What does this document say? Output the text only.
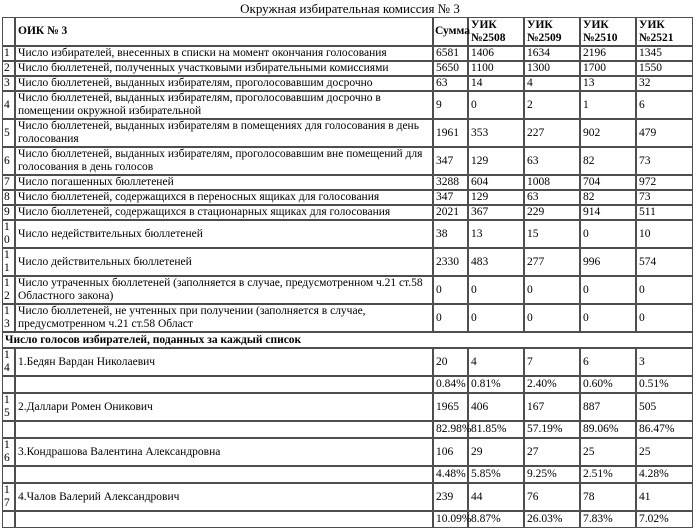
Окружная избирательная комиссия № 3
	ОИК № 3	Сумма	УИК №2508	УИК №2509	УИК №2510	УИК №2521
1	Число избирателей, внесенных в списки на момент окончания голосования	6581	1406	1634	2196	1345
2	Число бюллетеней, полученных участковыми избирательными комиссиями	5650	1100	1300	1700	1550
3	Число бюллетеней, выданных избирателям, проголосовавшим досрочно	63	14	4	13	32
4	Число бюллетеней, выданных избирателям, проголосовавшим досрочно в помещении окружной избирательной	9	0	2	1	6
5	Число бюллетеней, выданных избирателям в помещениях для голосования в день голосования	1961	353	227	902	479
6	Число бюллетеней, выданных избирателям, проголосовавшим вне помещений для голосования в день голосов	347	129	63	82	73
7	Число погашенных бюллетеней	3288	604	1008	704	972
8	Число бюллетеней, содержащихся в переносных ящиках для голосования	347	129	63	82	73
9	Число бюллетеней, содержащихся в стационарных ящиках для голосования	2021	367	229	914	511
10	Число недействительных бюллетеней	38	13	15	0	10
11	Число действительных бюллетеней	2330	483	277	996	574
12	Число утраченных бюллетеней (заполняется в случае, предусмотренном ч.21 ст.58 Областного закона)	0	0	0	0	0
13	Число бюллетеней, не учтенных при получении (заполняется в случае, предусмотренном ч.21 ст.58 Област	0	0	0	0	0
Число голосов избирателей, поданных за каждый список						
14	1.Бедян Вардан Николаевич	20	4	7	6	3
		0.84%	0.81%	2.40%	0.60%	0.51%
15	2.Даллари Ромен Оникович	1965	406	167	887	505
		82.98%	81.85%	57.19%	89.06%	86.47%
16	3.Кондрашова Валентина Александровна	106	29	27	25	25
		4.48%	5.85%	9.25%	2.51%	4.28%
17	4.Чалов Валерий Александрович	239	44	76	78	41
		10.09%	8.87%	26.03%	7.83%	7.02%
